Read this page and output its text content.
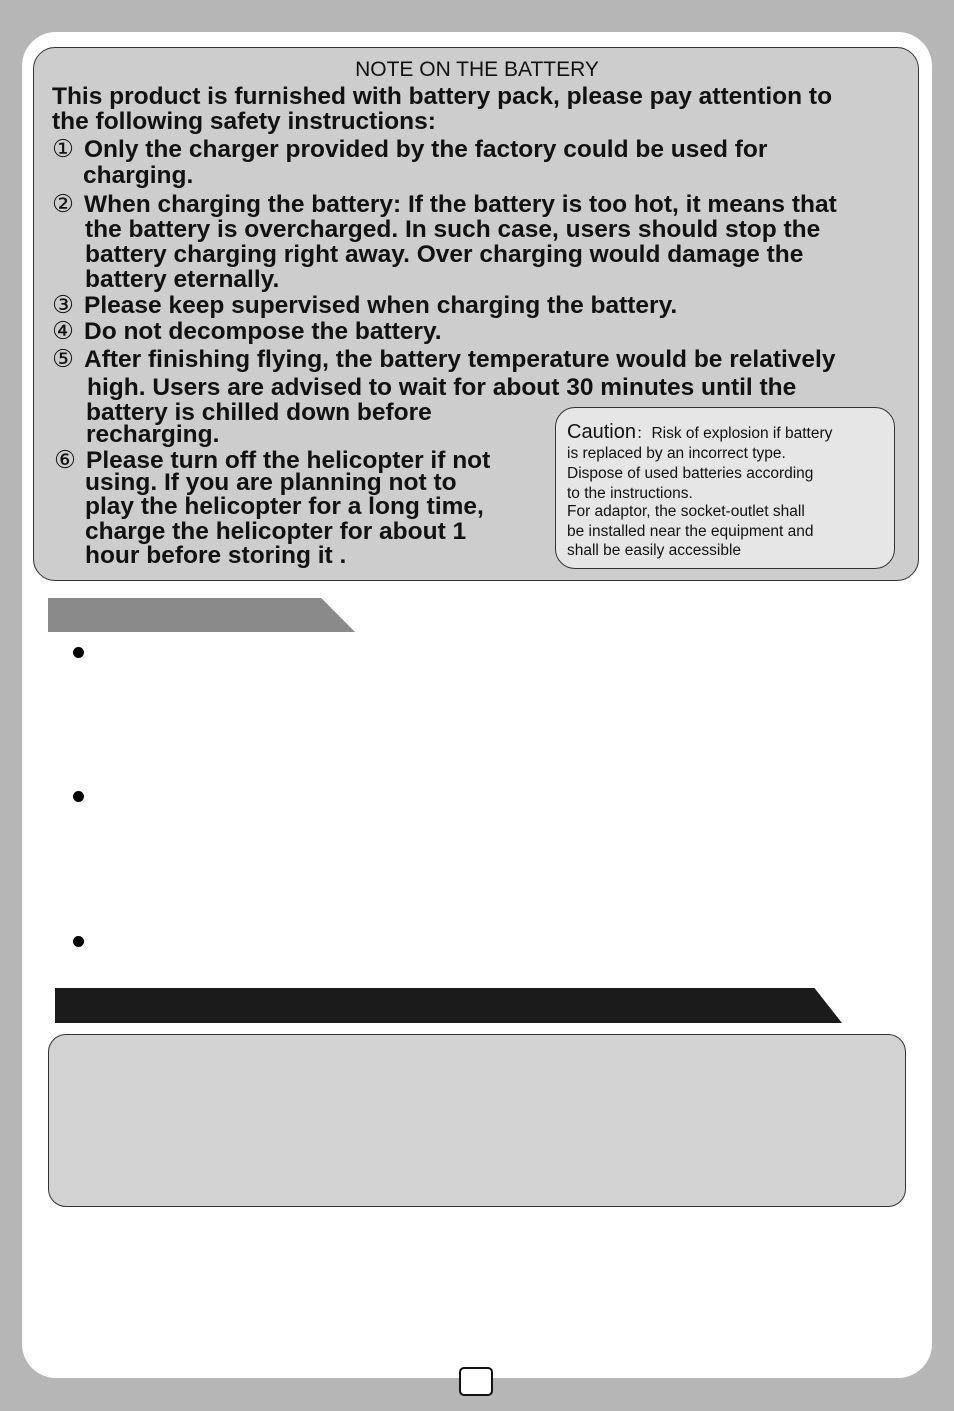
NOTE ON THE BATTERY
This product is furnished with battery pack, please pay attention to
the following safety instructions:
① Only the charger provided by the factory could be used for
charging.
② When charging the battery: If the battery is too hot, it means that
the battery is overcharged. In such case, users should stop the
battery charging right away. Over charging would damage the
battery eternally.
③ Please keep supervised when charging the battery.
④ Do not decompose the battery.
⑤ After finishing flying, the battery temperature would be relatively
high. Users are advised to wait for about 30 minutes until the
battery is chilled down before
recharging.
⑥ Please turn off the helicopter if not
using. If you are planning not to
play the helicopter for a long time,
charge the helicopter for about 1
hour before storing it .
Caution：Risk of explosion if battery
is replaced by an incorrect type.
Dispose of used batteries according
to the instructions.
For adaptor, the socket-outlet shall
be installed near the equipment and
shall be easily accessible
